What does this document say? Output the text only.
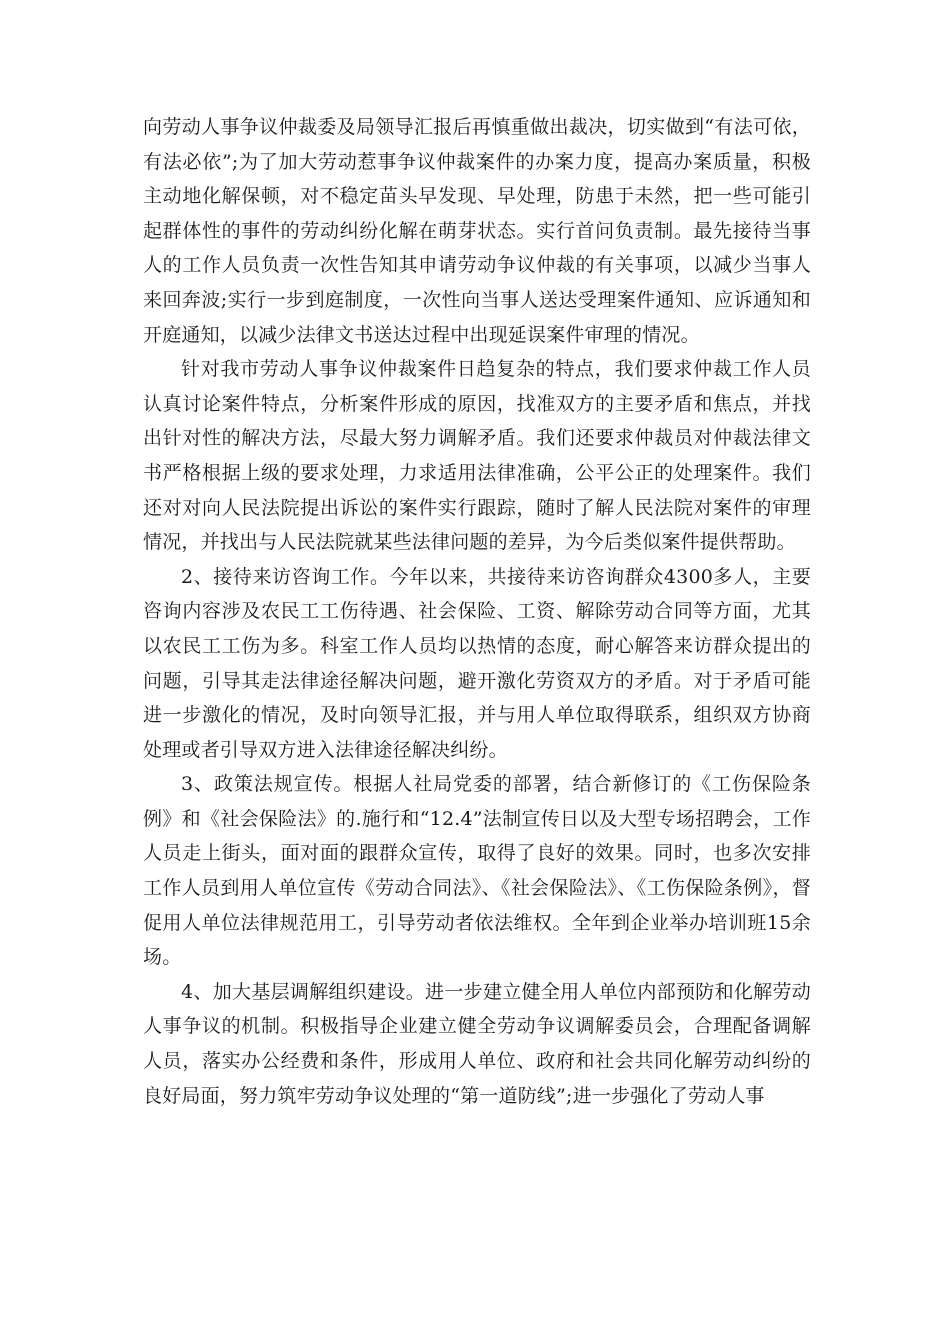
向劳动人事争议仲裁委及局领导汇报后再慎重做出裁决，切实做到“有法可依，有法必依”;为了加大劳动惹事争议仲裁案件的办案力度，提高办案质量，积极主动地化解保顿，对不稳定苗头早发现、早处理，防患于未然，把一些可能引起群体性的事件的劳动纠纷化解在萌芽状态。实行首问负责制。最先接待当事人的工作人员负责一次性告知其申请劳动争议仲裁的有关事项，以减少当事人来回奔波;实行一步到庭制度，一次性向当事人送达受理案件通知、应诉通知和开庭通知，以减少法律文书送达过程中出现延误案件审理的情况。

针对我市劳动人事争议仲裁案件日趋复杂的特点，我们要求仲裁工作人员认真讨论案件特点，分析案件形成的原因，找准双方的主要矛盾和焦点，并找出针对性的解决方法，尽最大努力调解矛盾。我们还要求仲裁员对仲裁法律文书严格根据上级的要求处理，力求适用法律准确，公平公正的处理案件。我们还对对向人民法院提出诉讼的案件实行跟踪，随时了解人民法院对案件的审理情况，并找出与人民法院就某些法律问题的差异，为今后类似案件提供帮助。

2、接待来访咨询工作。今年以来，共接待来访咨询群众4300多人，主要咨询内容涉及农民工工伤待遇、社会保险、工资、解除劳动合同等方面，尤其以农民工工伤为多。科室工作人员均以热情的态度，耐心解答来访群众提出的问题，引导其走法律途径解决问题，避开激化劳资双方的矛盾。对于矛盾可能进一步激化的情况，及时向领导汇报，并与用人单位取得联系，组织双方协商处理或者引导双方进入法律途径解决纠纷。

3、政策法规宣传。根据人社局党委的部署，结合新修订的《工伤保险条例》和《社会保险法》的.施行和“12.4”法制宣传日以及大型专场招聘会，工作人员走上街头，面对面的跟群众宣传，取得了良好的效果。同时，也多次安排工作人员到用人单位宣传《劳动合同法》、《社会保险法》、《工伤保险条例》，督促用人单位法律规范用工，引导劳动者依法维权。全年到企业举办培训班15余场。

4、加大基层调解组织建设。进一步建立健全用人单位内部预防和化解劳动人事争议的机制。积极指导企业建立健全劳动争议调解委员会，合理配备调解人员，落实办公经费和条件，形成用人单位、政府和社会共同化解劳动纠纷的良好局面，努力筑牢劳动争议处理的“第一道防线”;进一步强化了劳动人事
